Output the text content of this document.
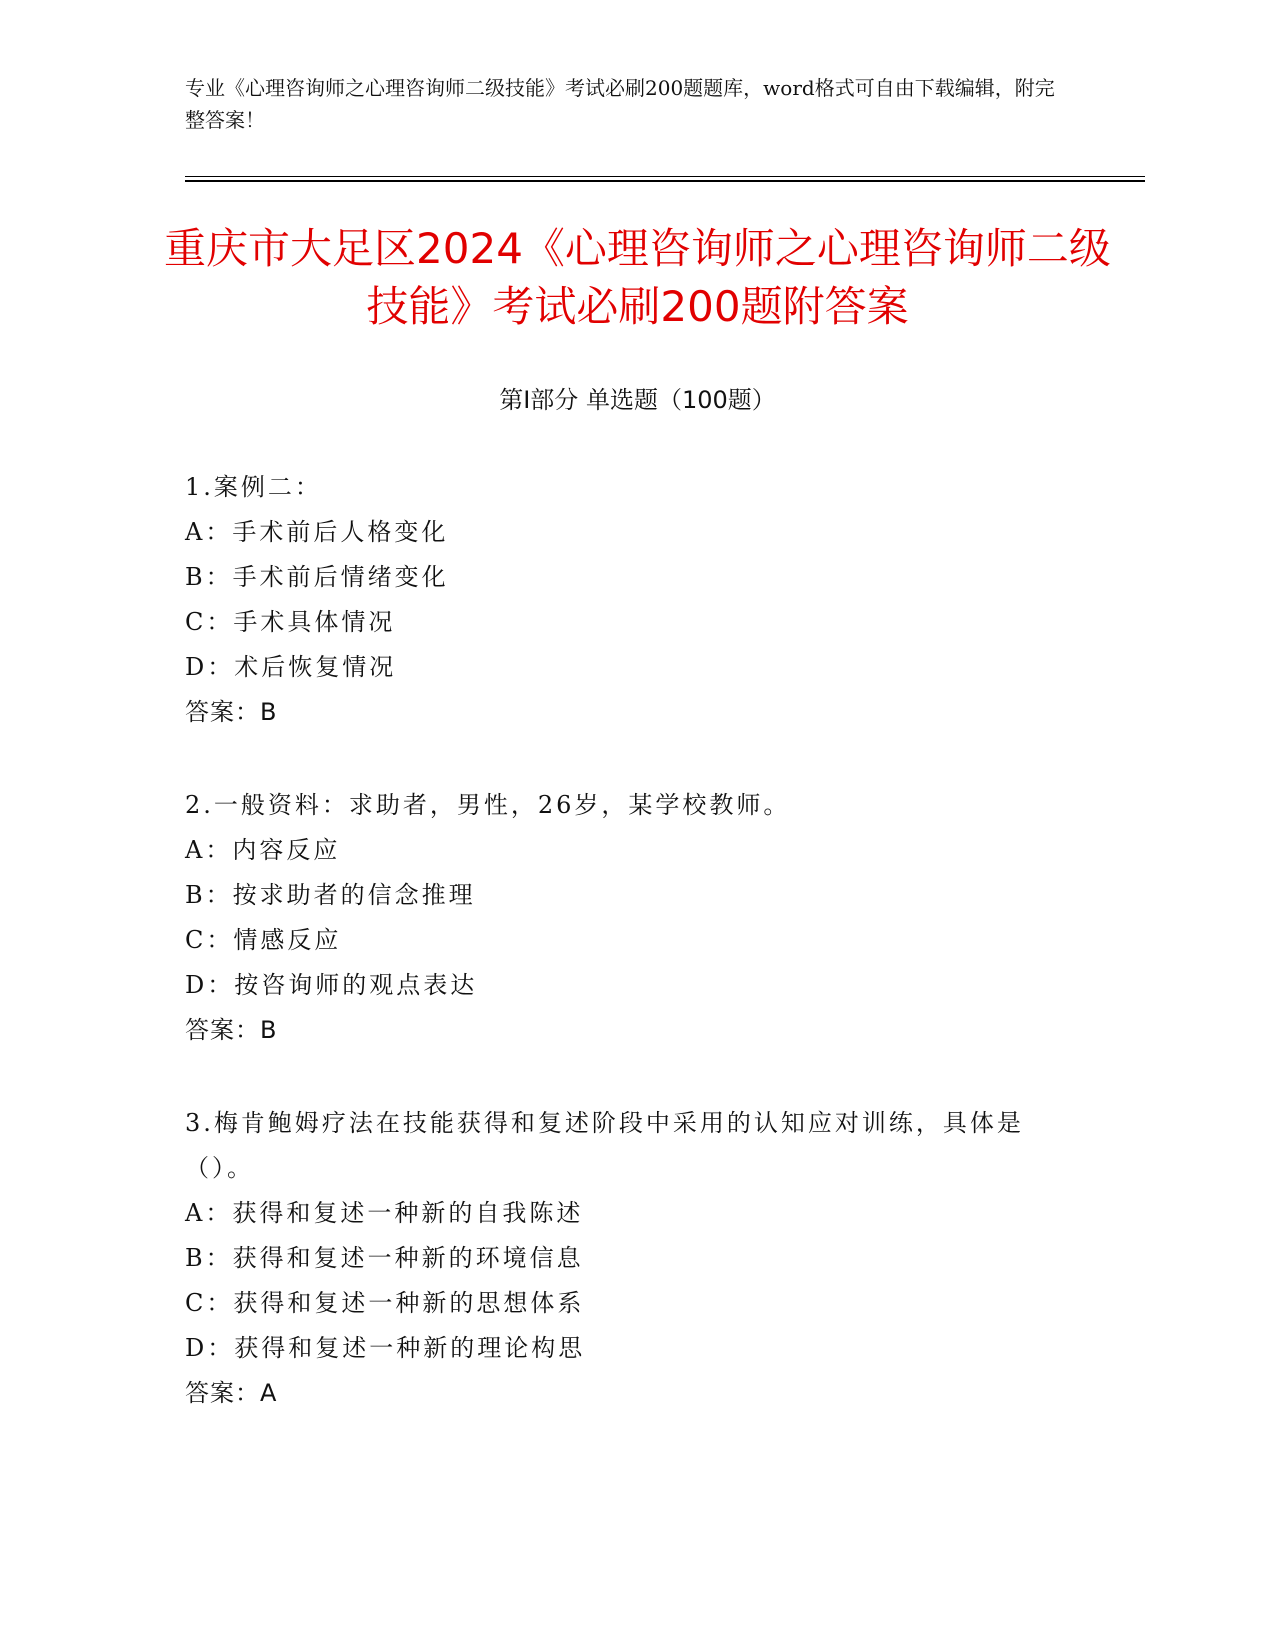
专业《心理咨询师之心理咨询师二级技能》考试必刷200题题库，word格式可自由下载编辑，附完整答案！
重庆市大足区2024《心理咨询师之心理咨询师二级技能》考试必刷200题附答案
第Ⅰ部分 单选题（100题）
1.案例二：
A：手术前后人格变化
B：手术前后情绪变化
C：手术具体情况
D：术后恢复情况
答案：B
2.一般资料：求助者，男性，26岁，某学校教师。
A：内容反应
B：按求助者的信念推理
C：情感反应
D：按咨询师的观点表达
答案：B
3.梅肯鲍姆疗法在技能获得和复述阶段中采用的认知应对训练，具体是（）。
A：获得和复述一种新的自我陈述
B：获得和复述一种新的环境信息
C：获得和复述一种新的思想体系
D：获得和复述一种新的理论构思
答案：A
